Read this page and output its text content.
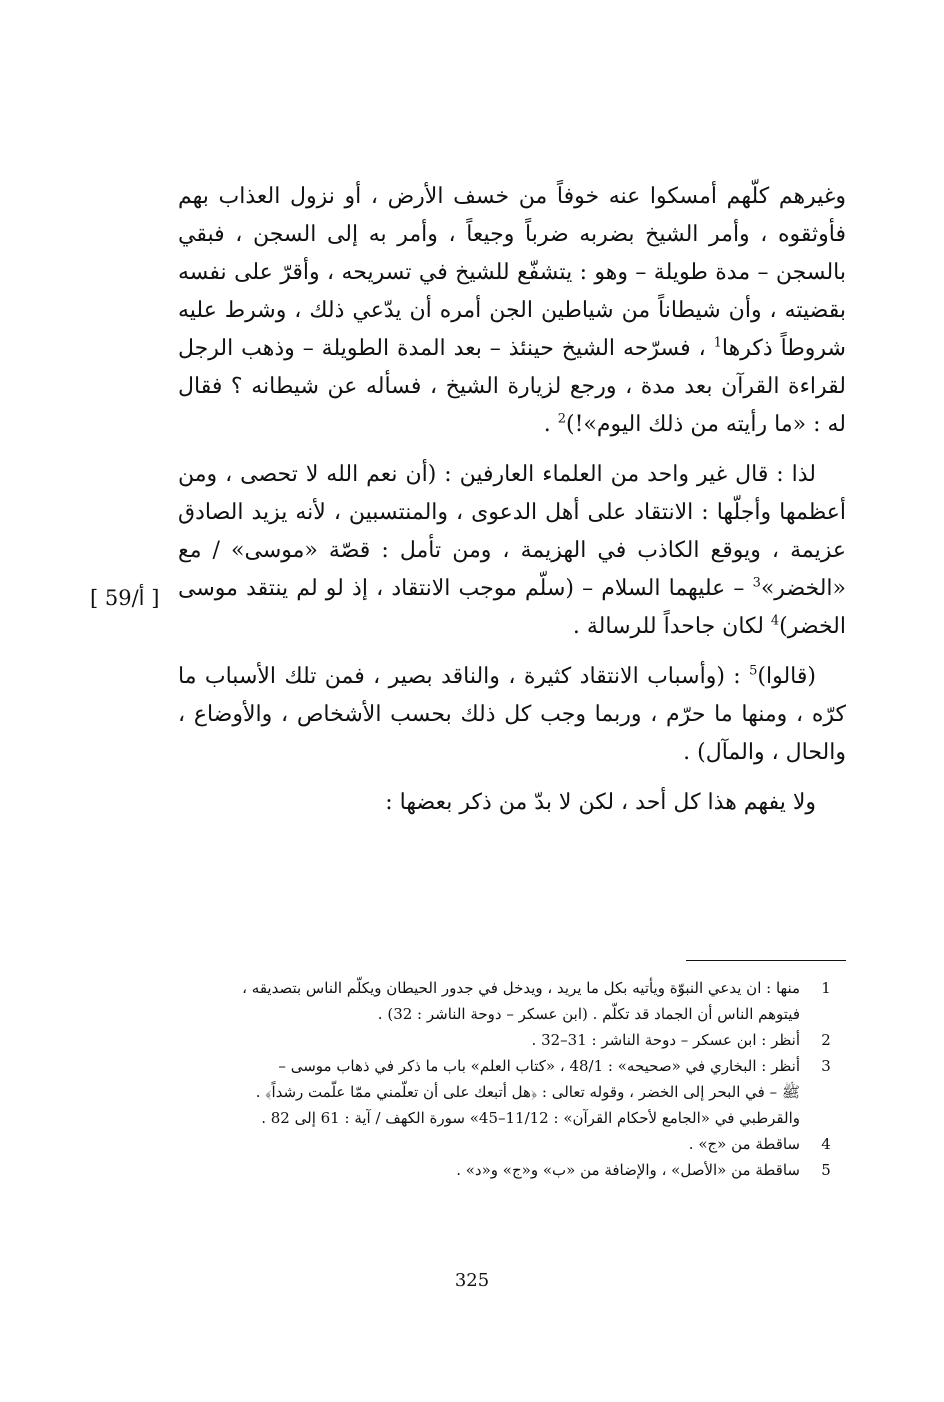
وغيرهم كلّهم أمسكوا عنه خوفاً من خسف الأرض ، أو نزول العذاب بهم فأوثقوه ، وأمر الشيخ بضربه ضرباً وجيعاً ، وأمر به إلى السجن ، فبقي بالسجن – مدة طويلة – وهو : يتشفّع للشيخ في تسريحه ، وأقرّ على نفسه بقضيته ، وأن شيطاناً من شياطين الجن أمره أن يدّعي ذلك ، وشرط عليه شروطاً ذكرها$^1$ ، فسرّحه الشيخ حينئذ – بعد المدة الطويلة – وذهب الرجل لقراءة القرآن بعد مدة ، ورجع لزيارة الشيخ ، فسأله عن شيطانه ؟ فقال له : «ما رأيته من ذلك اليوم»!)$^2$ .

لذا : قال غير واحد من العلماء العارفين : (أن نعم الله لا تحصى ، ومن أعظمها وأجلّها : الانتقاد على أهل الدعوى ، والمنتسبين ، لأنه يزيد الصادق عزيمة ، ويوقع الكاذب في الهزيمة ، ومن تأمل : قصّة «موسى» / مع «الخضر»$^3$ – عليهما السلام – (سلّم موجب الانتقاد ، إذ لو لم ينتقد موسى الخضر)$^4$ لكان جاحداً للرسالة .

(قالوا)$^5$ : (وأسباب الانتقاد كثيرة ، والناقد بصير ، فمن تلك الأسباب ما كرّه ، ومنها ما حرّم ، وربما وجب كل ذلك بحسب الأشخاص ، والأوضاع ، والحال ، والمآل) .

ولا يفهم هذا كل أحد ، لكن لا بدّ من ذكر بعضها :

[ 59/أ ]
1
منها : ان يدعي النبوّة ويأتيه بكل ما يريد ، ويدخل في جدور الحيطان ويكلّم الناس بتصديقه ،
فيتوهم الناس أن الجماد قد تكلّم . (ابن عسكر – دوحة الناشر : 32) .
2
أنظر : ابن عسكر – دوحة الناشر : 31–32 .
3
أنظر : البخاري في «صحيحه» : 48/1 ، «كتاب العلم» باب ما ذكر في ذهاب موسى –
ﷺ – في البحر إلى الخضر ، وقوله تعالى : ﴿هل أتبعك على أن تعلّمني ممّا علّمت رشداً﴾ .
والقرطبي في «الجامع لأحكام القرآن» : 11/12–45» سورة الكهف / آية : 61 إلى 82 .
4
ساقطة من «ج» .
5
ساقطة من «الأصل» ، والإضافة من «ب» و«ج» و«د» .
325
